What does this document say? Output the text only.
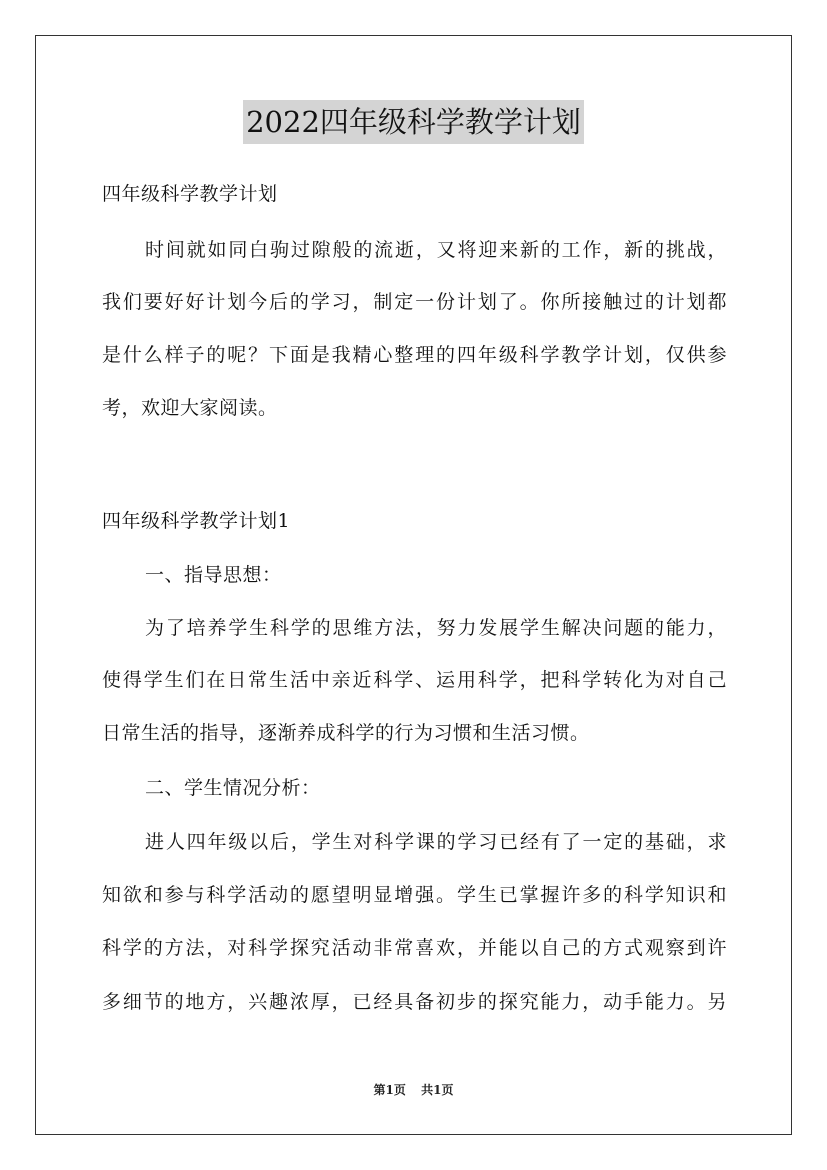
2022四年级科学教学计划
四年级科学教学计划
时间就如同白驹过隙般的流逝，又将迎来新的工作，新的挑战，
我们要好好计划今后的学习，制定一份计划了。你所接触过的计划都
是什么样子的呢？下面是我精心整理的四年级科学教学计划，仅供参
考，欢迎大家阅读。
四年级科学教学计划1
一、指导思想：
为了培养学生科学的思维方法，努力发展学生解决问题的能力，
使得学生们在日常生活中亲近科学、运用科学，把科学转化为对自己
日常生活的指导，逐渐养成科学的行为习惯和生活习惯。
二、学生情况分析：
进人四年级以后，学生对科学课的学习已经有了一定的基础，求
知欲和参与科学活动的愿望明显增强。学生已掌握许多的科学知识和
科学的方法，对科学探究活动非常喜欢，并能以自己的方式观察到许
多细节的地方，兴趣浓厚，已经具备初步的探究能力，动手能力。另
第1页 共1页
